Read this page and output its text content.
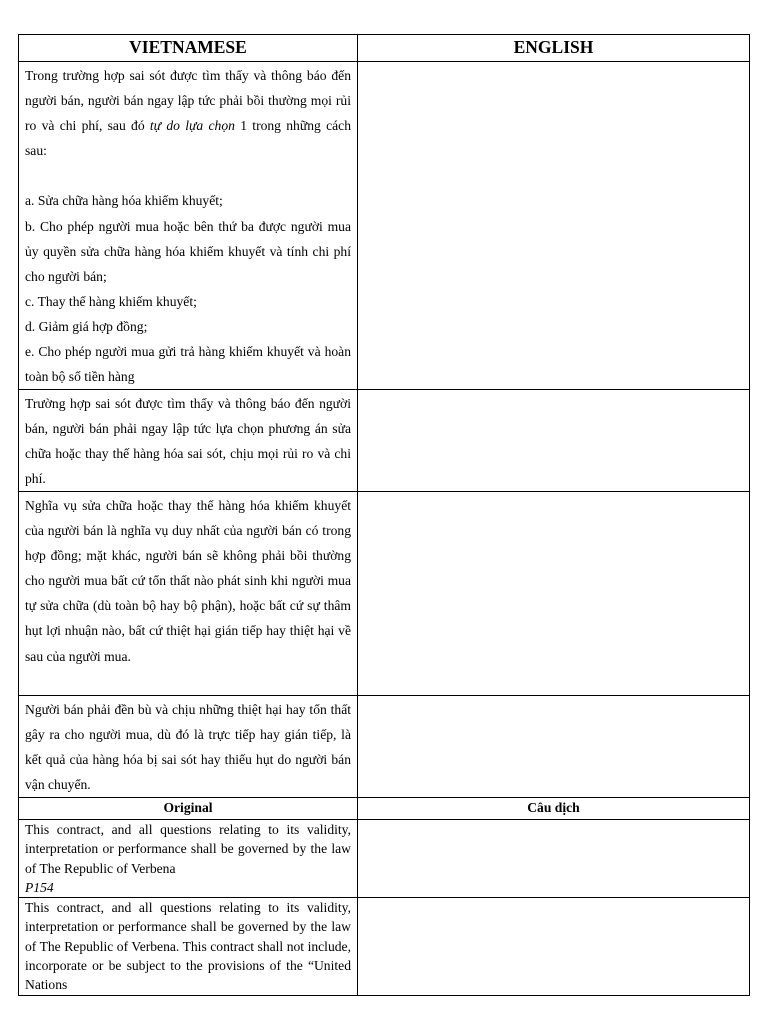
VIETNAMESE	ENGLISH

Trong trường hợp sai sót được tìm thấy và thông báo đến người bán, người bán ngay lập tức phải bồi thường mọi rủi ro và chi phí, sau đó tự do lựa chọn 1 trong những cách sau:

a. Sửa chữa hàng hóa khiếm khuyết;

b. Cho phép người mua hoặc bên thứ ba được người mua ủy quyền sửa chữa hàng hóa khiếm khuyết và tính chi phí cho người bán;

c. Thay thế hàng khiếm khuyết;

d. Giảm giá hợp đồng;

e. Cho phép người mua gửi trả hàng khiếm khuyết và hoàn toàn bộ số tiền hàng

Trường hợp sai sót được tìm thấy và thông báo đến người bán, người bán phải ngay lập tức lựa chọn phương án sửa chữa hoặc thay thế hàng hóa sai sót, chịu mọi rủi ro và chi phí.

Nghĩa vụ sửa chữa hoặc thay thế hàng hóa khiếm khuyết của người bán là nghĩa vụ duy nhất của người bán có trong hợp đồng; mặt khác, người bán sẽ không phải bồi thường cho người mua bất cứ tổn thất nào phát sinh khi người mua tự sửa chữa (dù toàn bộ hay bộ phận), hoặc bất cứ sự thâm hụt lợi nhuận nào, bất cứ thiệt hại gián tiếp hay thiệt hại về sau của người mua.

Người bán phải đền bù và chịu những thiệt hại hay tổn thất gây ra cho người mua, dù đó là trực tiếp hay gián tiếp, là kết quả của hàng hóa bị sai sót hay thiếu hụt do người bán vận chuyển.

Original	Câu dịch

This contract, and all questions relating to its validity, interpretation or performance shall be governed by the law of The Republic of Verbena

P154

This contract, and all questions relating to its validity, interpretation or performance shall be governed by the law of The Republic of Verbena. This contract shall not include, incorporate or be subject to the provisions of the “United Nations
